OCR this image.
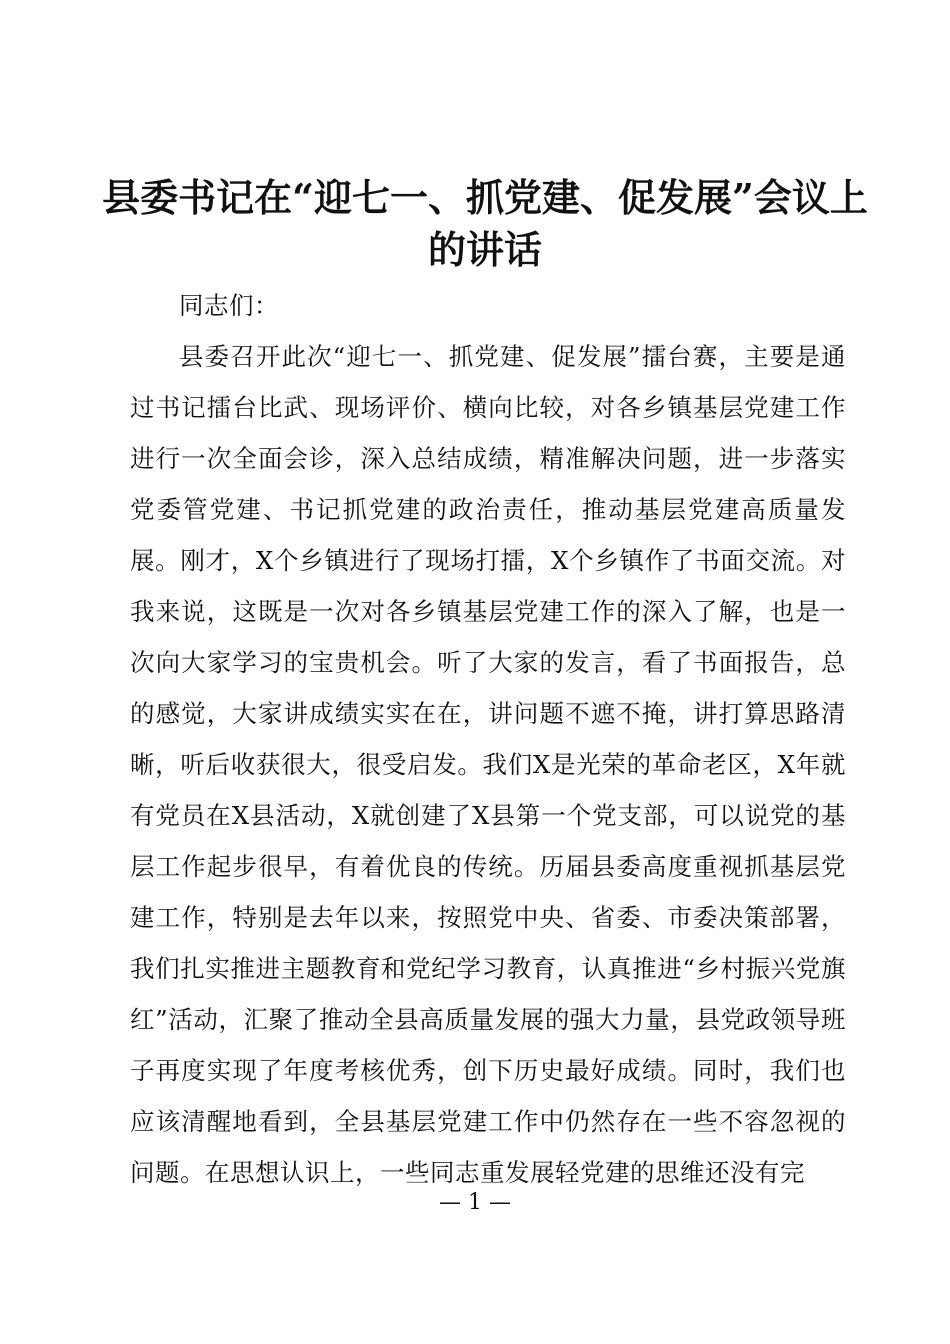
县委书记在“迎七一、抓党建、促发展”会议上的讲话

同志们：

县委召开此次“迎七一、抓党建、促发展”擂台赛，主要是通过书记擂台比武、现场评价、横向比较，对各乡镇基层党建工作进行一次全面会诊，深入总结成绩，精准解决问题，进一步落实党委管党建、书记抓党建的政治责任，推动基层党建高质量发展。刚才，X个乡镇进行了现场打擂，X个乡镇作了书面交流。对我来说，这既是一次对各乡镇基层党建工作的深入了解，也是一次向大家学习的宝贵机会。听了大家的发言，看了书面报告，总的感觉，大家讲成绩实实在在，讲问题不遮不掩，讲打算思路清晰，听后收获很大，很受启发。我们X是光荣的革命老区，X年就有党员在X县活动，X就创建了X县第一个党支部，可以说党的基层工作起步很早，有着优良的传统。历届县委高度重视抓基层党建工作，特别是去年以来，按照党中央、省委、市委决策部署，我们扎实推进主题教育和党纪学习教育，认真推进“乡村振兴党旗红”活动，汇聚了推动全县高质量发展的强大力量，县党政领导班子再度实现了年度考核优秀，创下历史最好成绩。同时，我们也应该清醒地看到，全县基层党建工作中仍然存在一些不容忽视的问题。在思想认识上，一些同志重发展轻党建的思维还没有完

— 1 —
